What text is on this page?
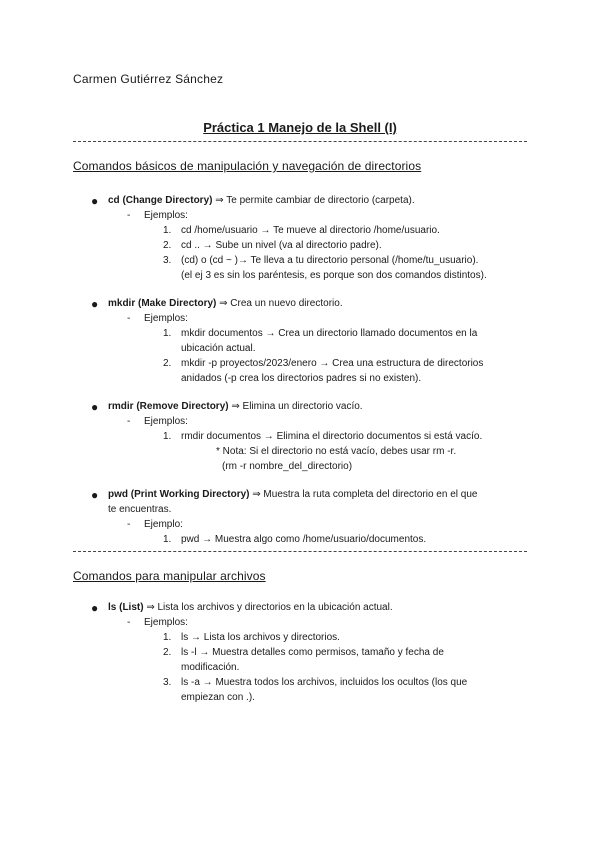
Carmen Gutiérrez Sánchez
Práctica 1 Manejo de la Shell (I)
Comandos básicos de manipulación y navegación de directorios
● cd (Change Directory) ⇒ Te permite cambiar de directorio (carpeta).
- Ejemplos:
1. cd /home/usuario → Te mueve al directorio /home/usuario.
2. cd .. → Sube un nivel (va al directorio padre).
3. (cd) o (cd ~ )→ Te lleva a tu directorio personal (/home/tu_usuario).
(el ej 3 es sin los paréntesis, es porque son dos comandos distintos).
● mkdir (Make Directory) ⇒ Crea un nuevo directorio.
- Ejemplos:
1. mkdir documentos → Crea un directorio llamado documentos en la
ubicación actual.
2. mkdir -p proyectos/2023/enero → Crea una estructura de directorios
anidados (-p crea los directorios padres si no existen).
● rmdir (Remove Directory) ⇒ Elimina un directorio vacío.
- Ejemplos:
1. rmdir documentos → Elimina el directorio documentos si está vacío.
* Nota: Si el directorio no está vacío, debes usar rm -r.
(rm -r nombre_del_directorio)
● pwd (Print Working Directory) ⇒ Muestra la ruta completa del directorio en el que
te encuentras.
- Ejemplo:
1. pwd → Muestra algo como /home/usuario/documentos.
Comandos para manipular archivos
● ls (List) ⇒ Lista los archivos y directorios en la ubicación actual.
- Ejemplos:
1. ls → Lista los archivos y directorios.
2. ls -l → Muestra detalles como permisos, tamaño y fecha de
modificación.
3. ls -a → Muestra todos los archivos, incluidos los ocultos (los que
empiezan con .).
